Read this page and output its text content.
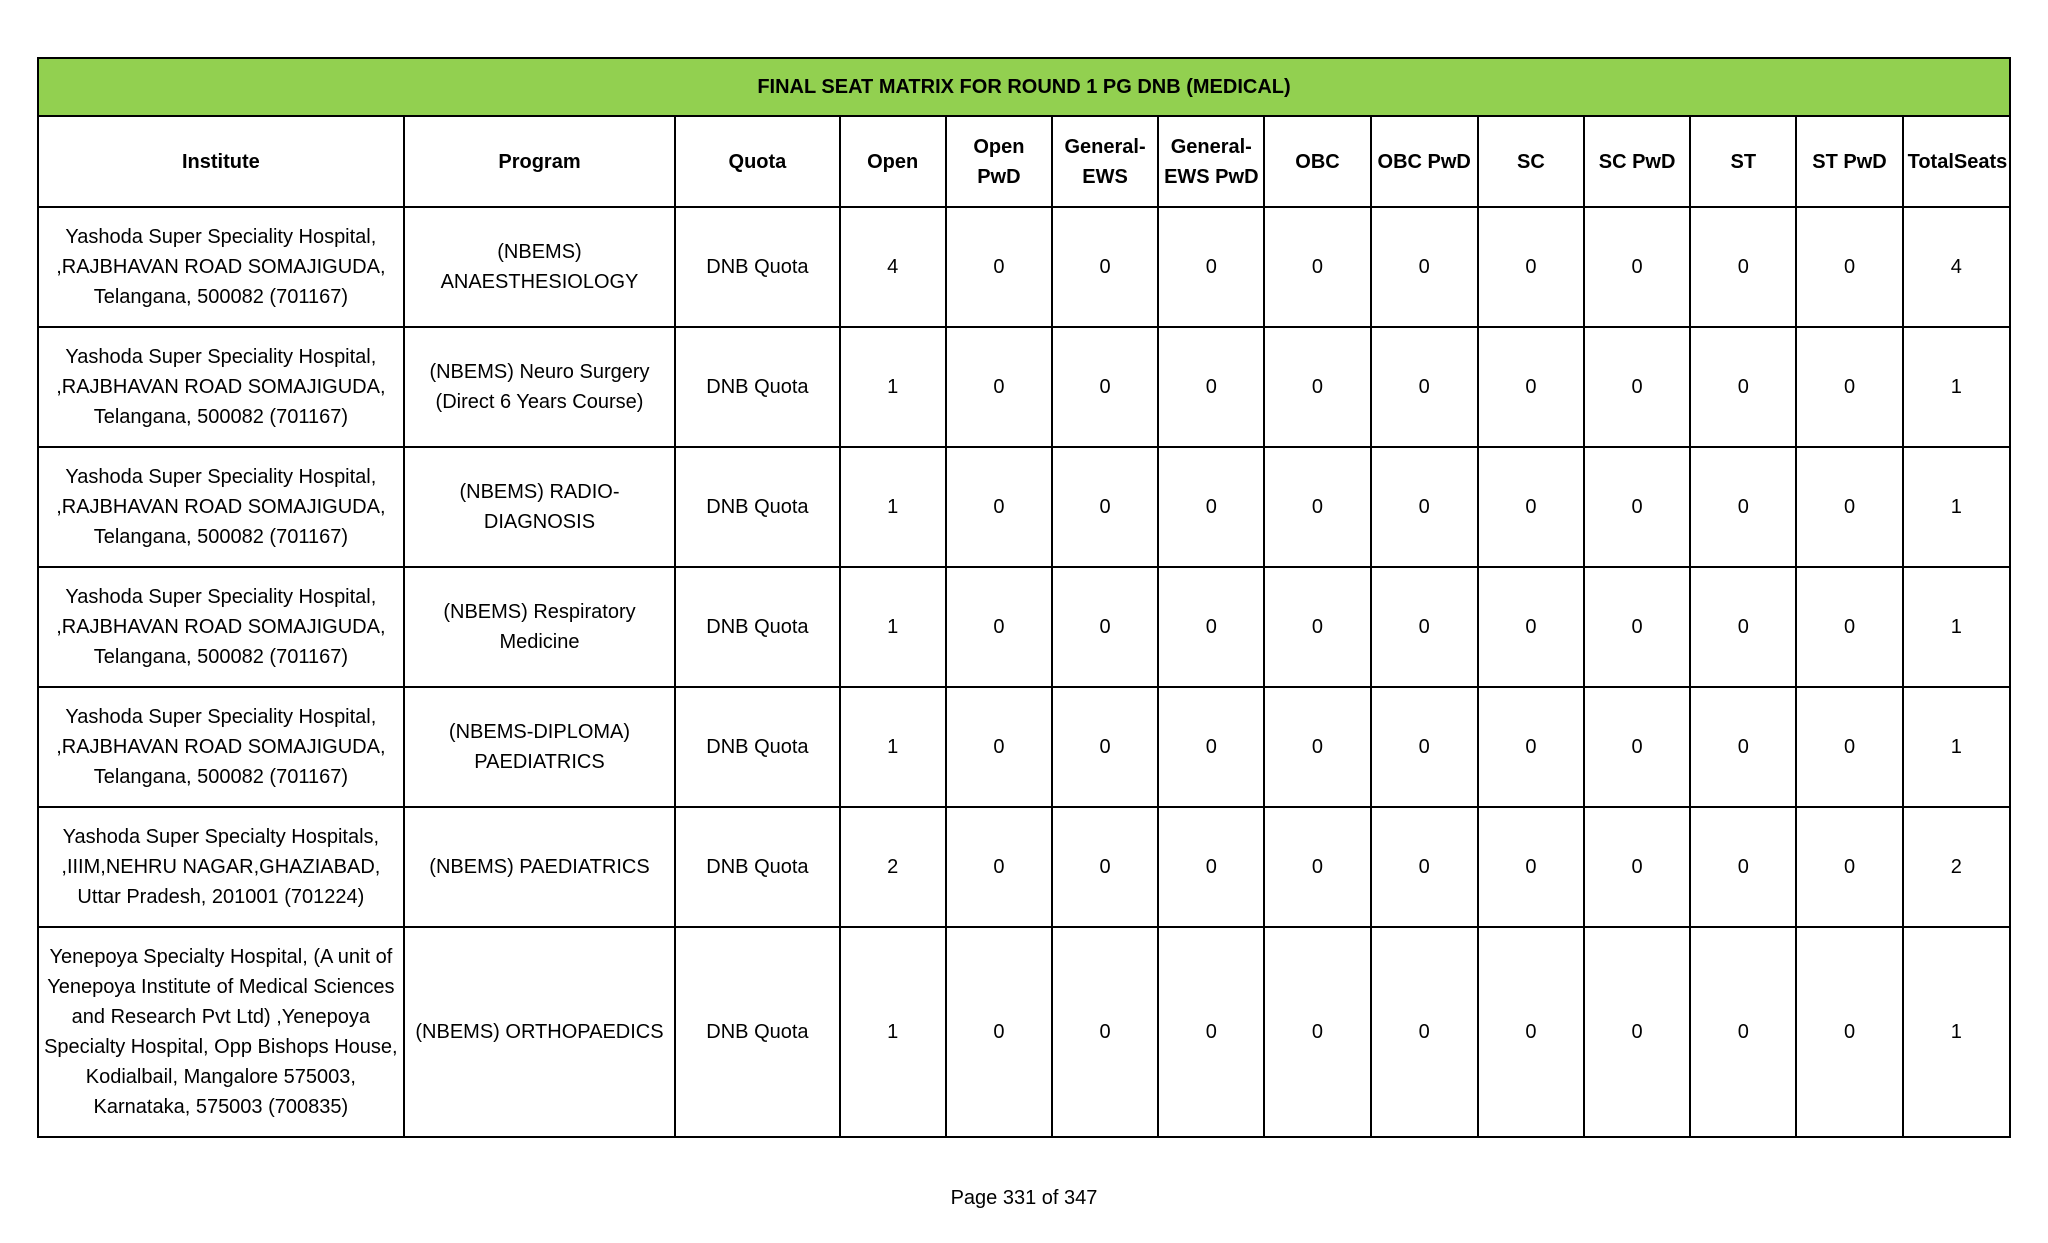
FINAL SEAT MATRIX FOR ROUND 1 PG DNB (MEDICAL)													
Institute	Program	Quota	Open	Open PwD	General-EWS	General-EWS PwD	OBC	OBC PwD	SC	SC PwD	ST	ST PwD	TotalSeats
Yashoda Super Speciality Hospital, ,RAJBHAVAN ROAD SOMAJIGUDA, Telangana, 500082 (701167)	(NBEMS) ANAESTHESIOLOGY	DNB Quota	4	0	0	0	0	0	0	0	0	0	4
Yashoda Super Speciality Hospital, ,RAJBHAVAN ROAD SOMAJIGUDA, Telangana, 500082 (701167)	(NBEMS) Neuro Surgery (Direct 6 Years Course)	DNB Quota	1	0	0	0	0	0	0	0	0	0	1
Yashoda Super Speciality Hospital, ,RAJBHAVAN ROAD SOMAJIGUDA, Telangana, 500082 (701167)	(NBEMS) RADIO-DIAGNOSIS	DNB Quota	1	0	0	0	0	0	0	0	0	0	1
Yashoda Super Speciality Hospital, ,RAJBHAVAN ROAD SOMAJIGUDA, Telangana, 500082 (701167)	(NBEMS) Respiratory Medicine	DNB Quota	1	0	0	0	0	0	0	0	0	0	1
Yashoda Super Speciality Hospital, ,RAJBHAVAN ROAD SOMAJIGUDA, Telangana, 500082 (701167)	(NBEMS-DIPLOMA) PAEDIATRICS	DNB Quota	1	0	0	0	0	0	0	0	0	0	1
Yashoda Super Specialty Hospitals, ,IIIM,NEHRU NAGAR,GHAZIABAD, Uttar Pradesh, 201001 (701224)	(NBEMS) PAEDIATRICS	DNB Quota	2	0	0	0	0	0	0	0	0	0	2
Yenepoya Specialty Hospital, (A unit of Yenepoya Institute of Medical Sciences and Research Pvt Ltd) ,Yenepoya Specialty Hospital, Opp Bishops House, Kodialbail, Mangalore 575003, Karnataka, 575003 (700835)	(NBEMS) ORTHOPAEDICS	DNB Quota	1	0	0	0	0	0	0	0	0	0	1
Page 331 of 347
